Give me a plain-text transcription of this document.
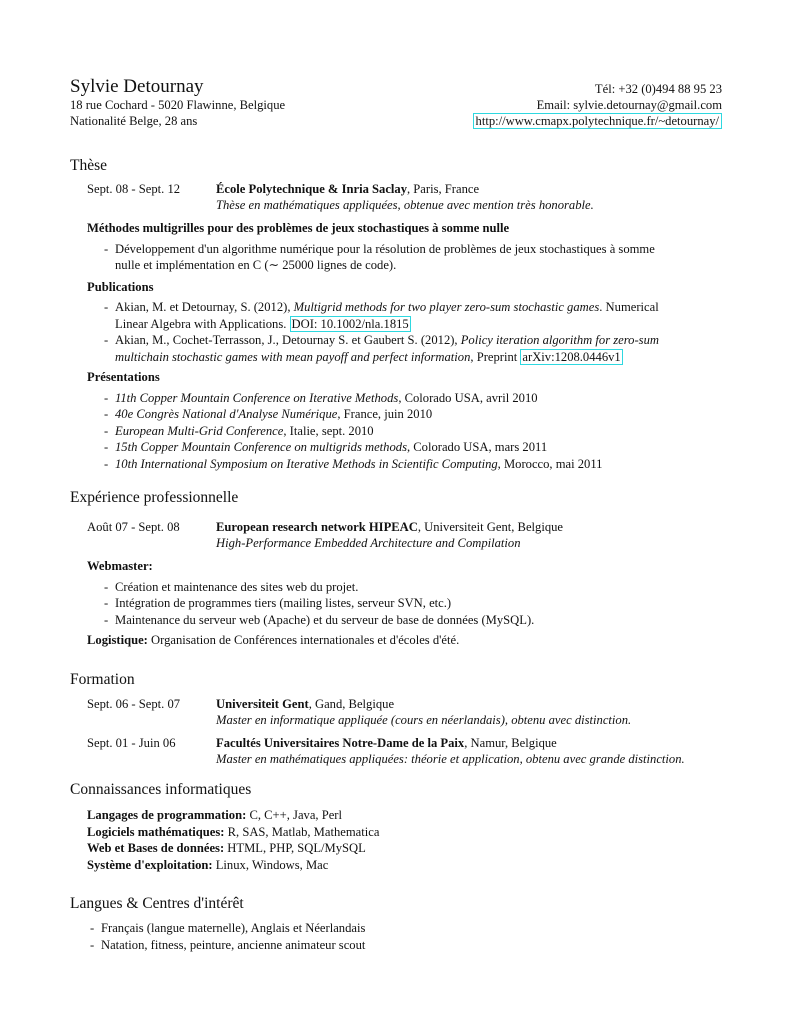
Sylvie Detournay
18 rue Cochard - 5020 Flawinne, Belgique
Nationalité Belge, 28 ans
Tél: +32 (0)494 88 95 23
Email: sylvie.detournay@gmail.com
http://www.cmapx.polytechnique.fr/~detournay/
Thèse
Sept. 08 - Sept. 12	École Polytechnique & Inria Saclay, Paris, France
Thèse en mathématiques appliquées, obtenue avec mention très honorable.
Méthodes multigrilles pour des problèmes de jeux stochastiques à somme nulle
- Développement d'un algorithme numérique pour la résolution de problèmes de jeux stochastiques à somme
nulle et implémentation en C (∼ 25000 lignes de code).
Publications
- Akian, M. et Detournay, S. (2012), Multigrid methods for two player zero-sum stochastic games. Numerical
Linear Algebra with Applications. DOI: 10.1002/nla.1815
- Akian, M., Cochet-Terrasson, J., Detournay S. et Gaubert S. (2012), Policy iteration algorithm for zero-sum
multichain stochastic games with mean payoff and perfect information, Preprint arXiv:1208.0446v1
Présentations
- 11th Copper Mountain Conference on Iterative Methods, Colorado USA, avril 2010
- 40e Congrès National d'Analyse Numérique, France, juin 2010
- European Multi-Grid Conference, Italie, sept. 2010
- 15th Copper Mountain Conference on multigrids methods, Colorado USA, mars 2011
- 10th International Symposium on Iterative Methods in Scientific Computing, Morocco, mai 2011
Expérience professionnelle
Août 07 - Sept. 08	European research network HIPEAC, Universiteit Gent, Belgique
High-Performance Embedded Architecture and Compilation
Webmaster:
- Création et maintenance des sites web du projet.
- Intégration de programmes tiers (mailing listes, serveur SVN, etc.)
- Maintenance du serveur web (Apache) et du serveur de base de données (MySQL).
Logistique: Organisation de Conférences internationales et d'écoles d'été.
Formation
Sept. 06 - Sept. 07	Universiteit Gent, Gand, Belgique
Master en informatique appliquée (cours en néerlandais), obtenu avec distinction.
Sept. 01 - Juin 06	Facultés Universitaires Notre-Dame de la Paix, Namur, Belgique
Master en mathématiques appliquées: théorie et application, obtenu avec grande distinction.
Connaissances informatiques
Langages de programmation: C, C++, Java, Perl
Logiciels mathématiques: R, SAS, Matlab, Mathematica
Web et Bases de données: HTML, PHP, SQL/MySQL
Système d'exploitation: Linux, Windows, Mac
Langues & Centres d'intérêt
- Français (langue maternelle), Anglais et Néerlandais
- Natation, fitness, peinture, ancienne animateur scout
